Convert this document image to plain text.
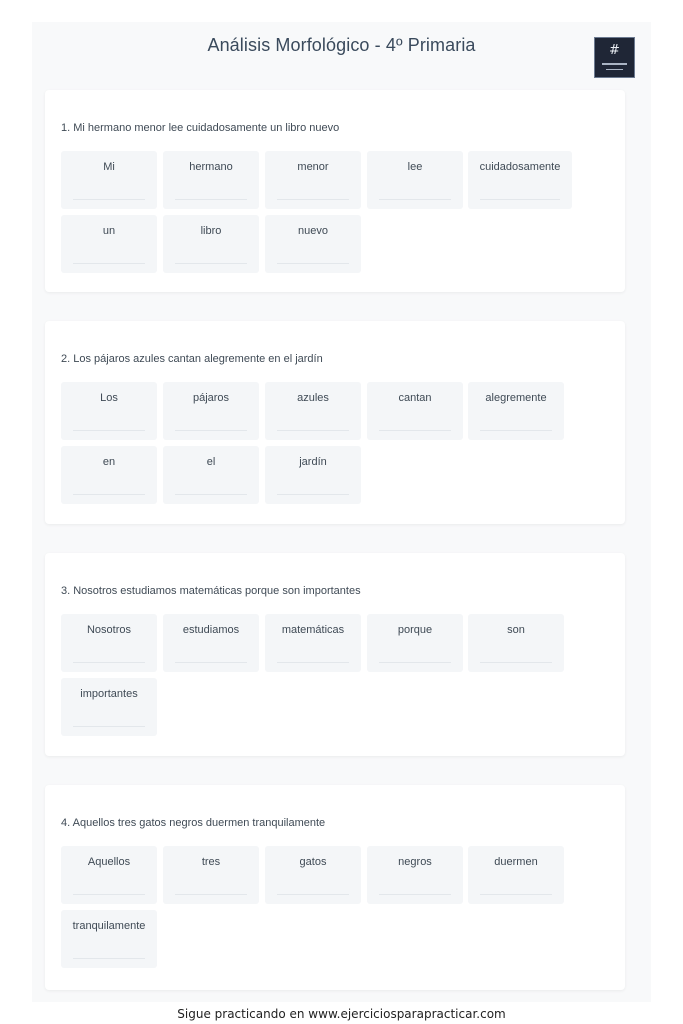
Análisis Morfológico - 4º Primaria	#
1. Mi hermano menor lee cuidadosamente un libro nuevo
Mi	hermano	menor	lee	cuidadosamente
un	libro	nuevo
2. Los pájaros azules cantan alegremente en el jardín
Los	pájaros	azules	cantan	alegremente
en	el	jardín
3. Nosotros estudiamos matemáticas porque son importantes
Nosotros	estudiamos	matemáticas	porque	son
importantes
4. Aquellos tres gatos negros duermen tranquilamente
Aquellos	tres	gatos	negros	duermen
tranquilamente
Sigue practicando en www.ejerciciosparapracticar.com
